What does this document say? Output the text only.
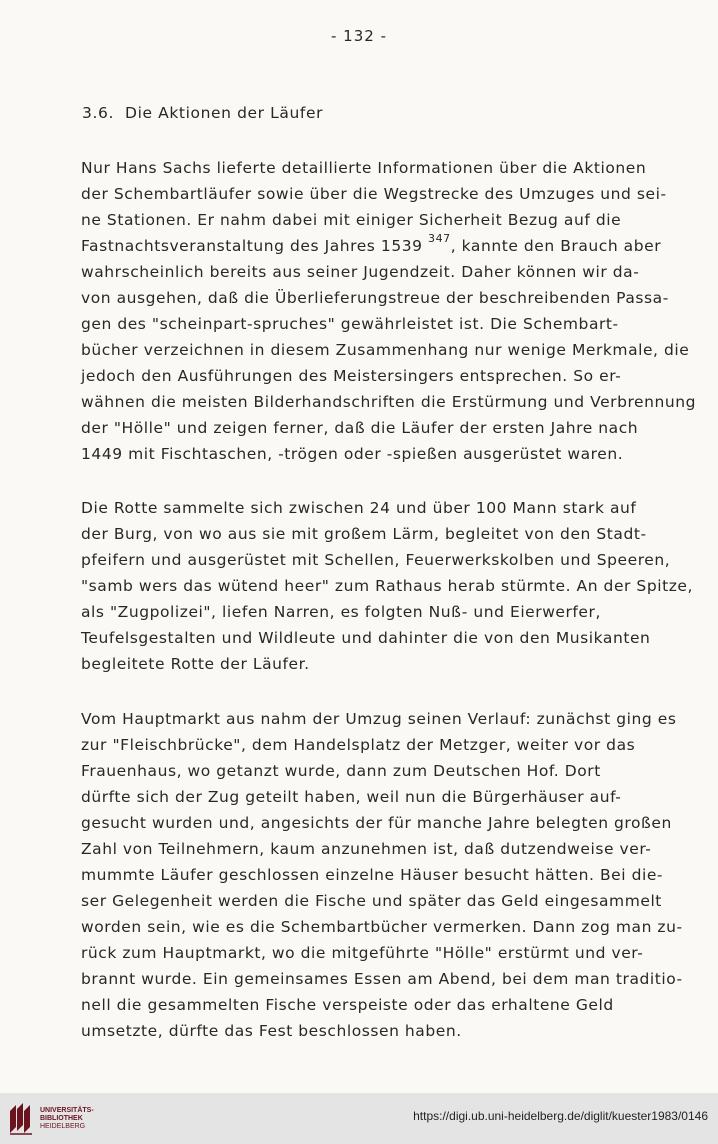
- 132 -
3.6.  Die Aktionen der Läufer
Nur Hans Sachs lieferte detaillierte Informationen über die Aktionen
der Schembartläufer sowie über die Wegstrecke des Umzuges und sei-
ne Stationen. Er nahm dabei mit einiger Sicherheit Bezug auf die
Fastnachtsveranstaltung des Jahres 1539 $^{347}$, kannte den Brauch aber
wahrscheinlich bereits aus seiner Jugendzeit. Daher können wir da-
von ausgehen, daß die Überlieferungstreue der beschreibenden Passa-
gen des "scheinpart-spruches" gewährleistet ist. Die Schembart-
bücher verzeichnen in diesem Zusammenhang nur wenige Merkmale, die
jedoch den Ausführungen des Meistersingers entsprechen. So er-
wähnen die meisten Bilderhandschriften die Erstürmung und Verbrennung
der "Hölle" und zeigen ferner, daß die Läufer der ersten Jahre nach
1449 mit Fischtaschen, -trögen oder -spießen ausgerüstet waren.
Die Rotte sammelte sich zwischen 24 und über 100 Mann stark auf
der Burg, von wo aus sie mit großem Lärm, begleitet von den Stadt-
pfeifern und ausgerüstet mit Schellen, Feuerwerkskolben und Speeren,
"samb wers das wütend heer" zum Rathaus herab stürmte. An der Spitze,
als "Zugpolizei", liefen Narren, es folgten Nuß- und Eierwerfer,
Teufelsgestalten und Wildleute und dahinter die von den Musikanten
begleitete Rotte der Läufer.
Vom Hauptmarkt aus nahm der Umzug seinen Verlauf: zunächst ging es
zur "Fleischbrücke", dem Handelsplatz der Metzger, weiter vor das
Frauenhaus, wo getanzt wurde, dann zum Deutschen Hof. Dort
dürfte sich der Zug geteilt haben, weil nun die Bürgerhäuser auf-
gesucht wurden und, angesichts der für manche Jahre belegten großen
Zahl von Teilnehmern, kaum anzunehmen ist, daß dutzendweise ver-
mummte Läufer geschlossen einzelne Häuser besucht hätten. Bei die-
ser Gelegenheit werden die Fische und später das Geld eingesammelt
worden sein, wie es die Schembartbücher vermerken. Dann zog man zu-
rück zum Hauptmarkt, wo die mitgeführte "Hölle" erstürmt und ver-
brannt wurde. Ein gemeinsames Essen am Abend, bei dem man traditio-
nell die gesammelten Fische verspeiste oder das erhaltene Geld
umsetzte, dürfte das Fest beschlossen haben.
UNIVERSITÄTS-
BIBLIOTHEK
HEIDELBERG
https://digi.ub.uni-heidelberg.de/diglit/kuester1983/0146
